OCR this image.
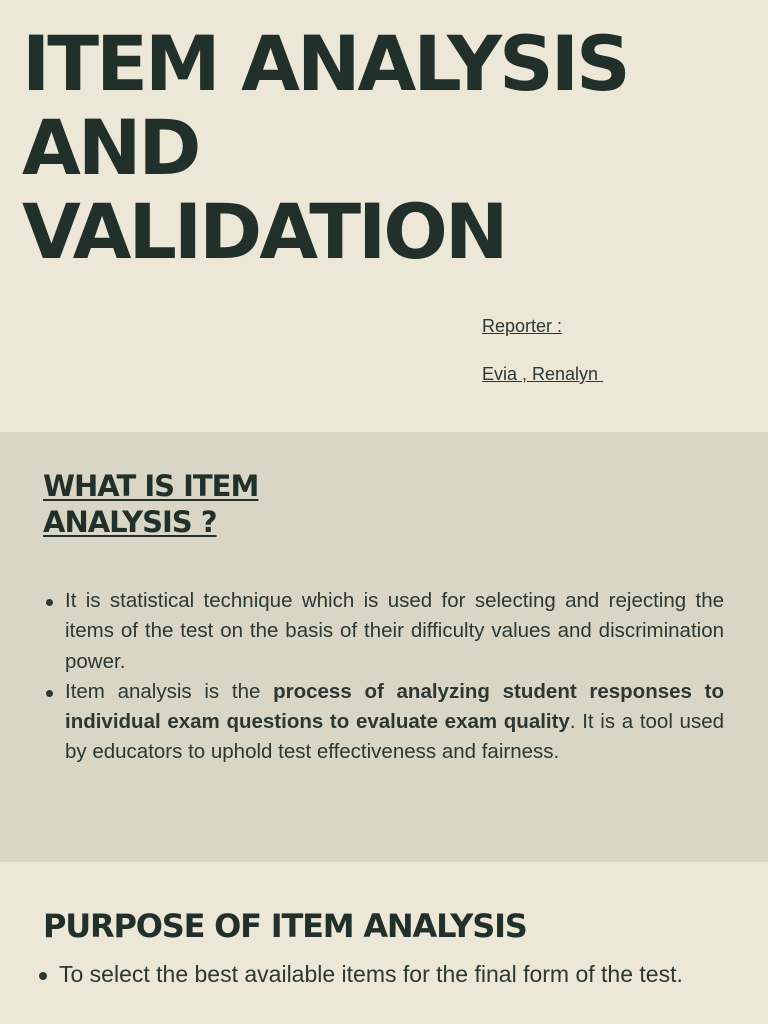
ITEM ANALYSIS
AND
VALIDATION
Reporter :
Evia , Renalyn
WHAT IS ITEM
ANALYSIS ?
It is statistical technique which is used for selecting and rejecting the items of the test on the basis of their difficulty values and discrimination power.
Item analysis is the process of analyzing student responses to individual exam questions to evaluate exam quality. It is a tool used by educators to uphold test effectiveness and fairness.
PURPOSE OF ITEM ANALYSIS
To select the best available items for the final form of the test.
